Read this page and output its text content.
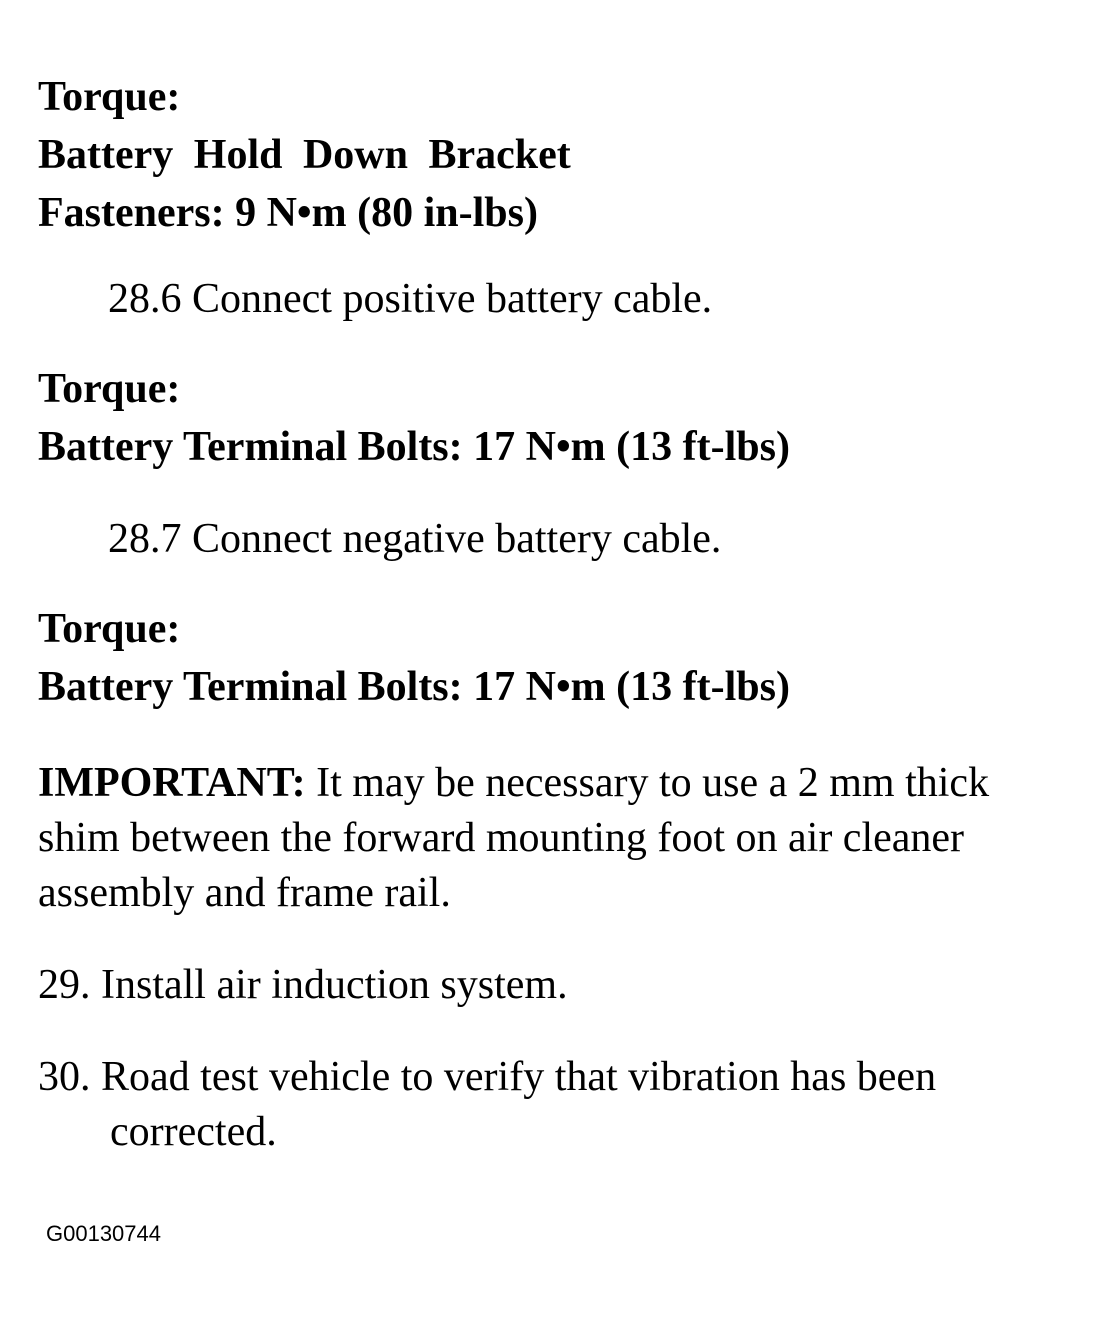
Torque:
Battery Hold Down Bracket
Fasteners: 9 N•m (80 in-lbs)

28.6 Connect positive battery cable.

Torque:
Battery Terminal Bolts: 17 N•m (13 ft-lbs)

28.7 Connect negative battery cable.

Torque:
Battery Terminal Bolts: 17 N•m (13 ft-lbs)

IMPORTANT: It may be necessary to use a 2 mm thick shim between the forward mounting foot on air cleaner assembly and frame rail.

29. Install air induction system.

30. Road test vehicle to verify that vibration has been corrected.

G00130744
